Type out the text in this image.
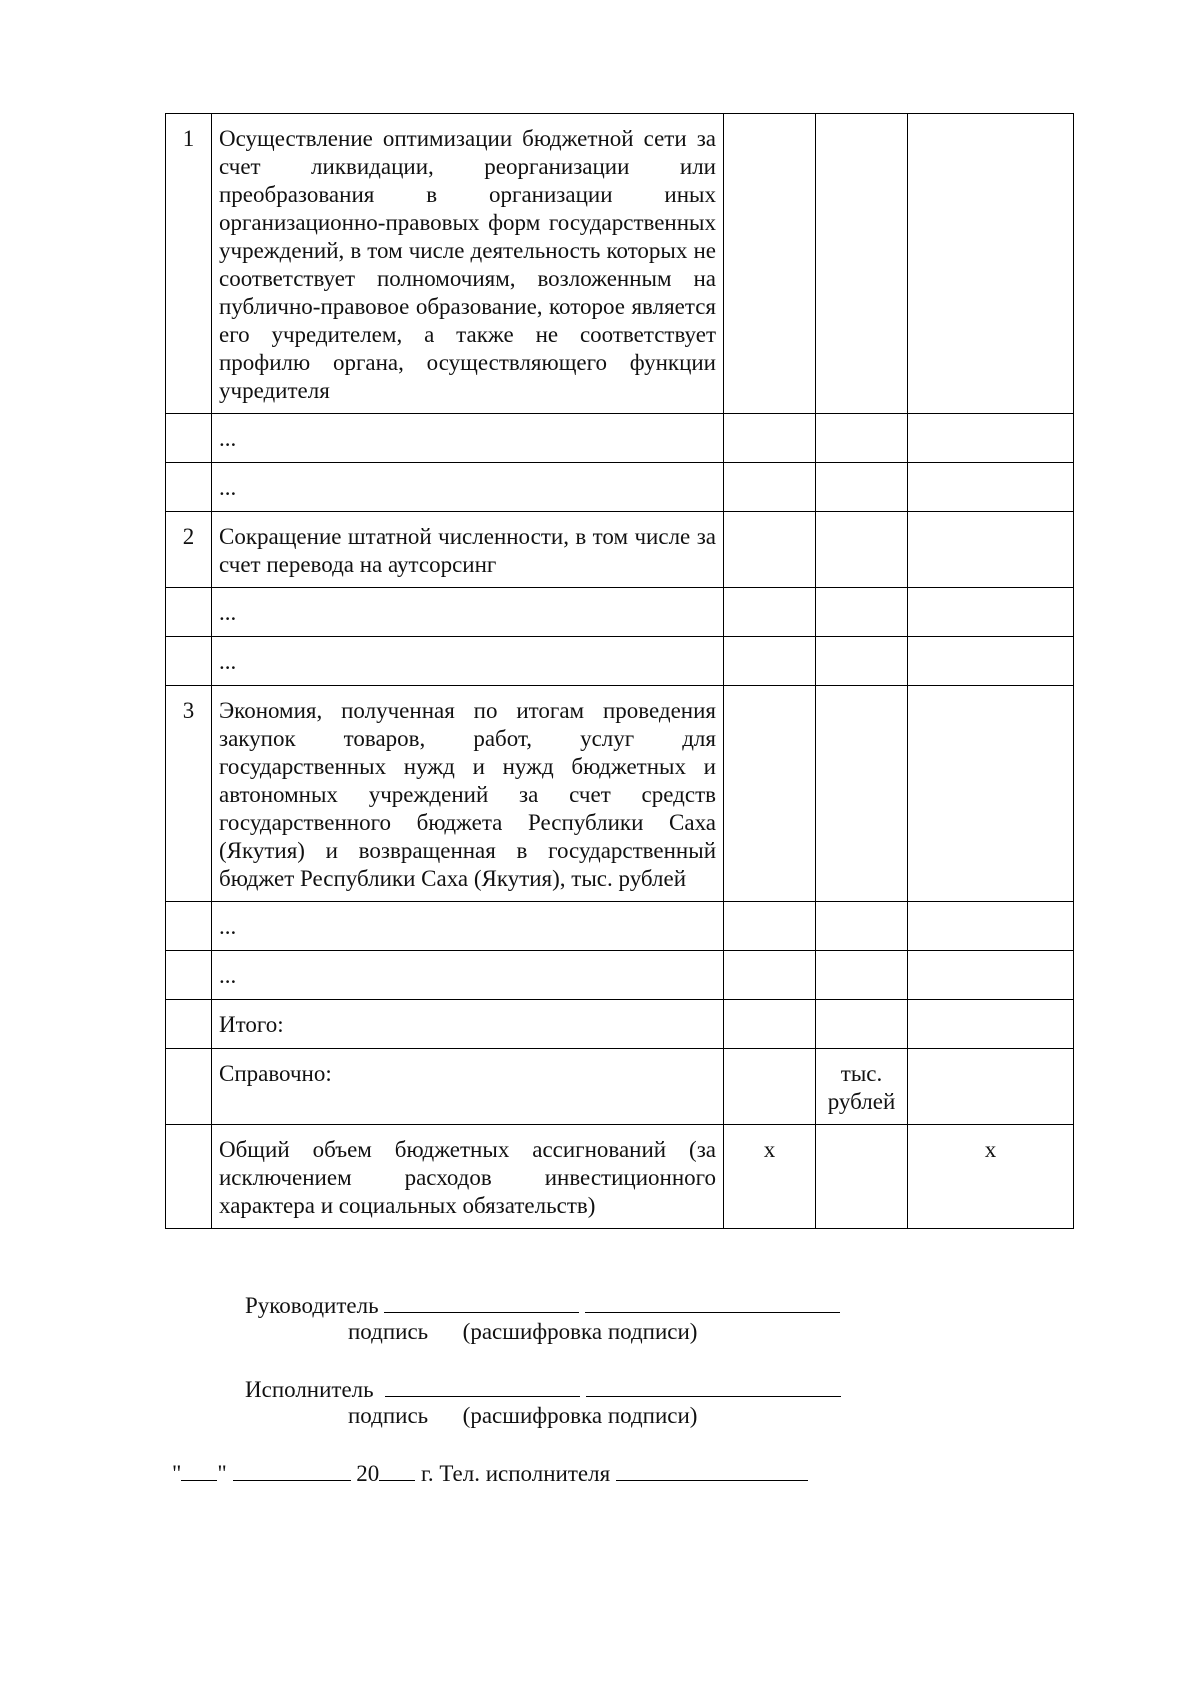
1	Осуществление оптимизации бюджетной сети за счет ликвидации, реорганизации или преобразования в организации иных организационно-правовых форм государственных учреждений, в том числе деятельность которых не соответствует полномочиям, возложенным на публично-правовое образование, которое является его учредителем, а также не соответствует профилю органа, осуществляющего функции учредителя			
	...			
	...			
2	Сокращение штатной численности, в том числе за счет перевода на аутсорсинг			
	...			
	...			
3	Экономия, полученная по итогам проведения закупок товаров, работ, услуг для государственных нужд и нужд бюджетных и автономных учреждений за счет средств государственного бюджета Республики Саха (Якутия) и возвращенная в государственный бюджет Республики Саха (Якутия), тыс. рублей			
	...			
	...			
	Итого:			
	Справочно:		тыс. рублей	
	Общий объем бюджетных ассигнований (за исключением расходов инвестиционного характера и социальных обязательств)	x		x
Руководитель
подпись (расшифровка подписи)
Исполнитель
подпись (расшифровка подписи)
" "	20 г. Тел. исполнителя
